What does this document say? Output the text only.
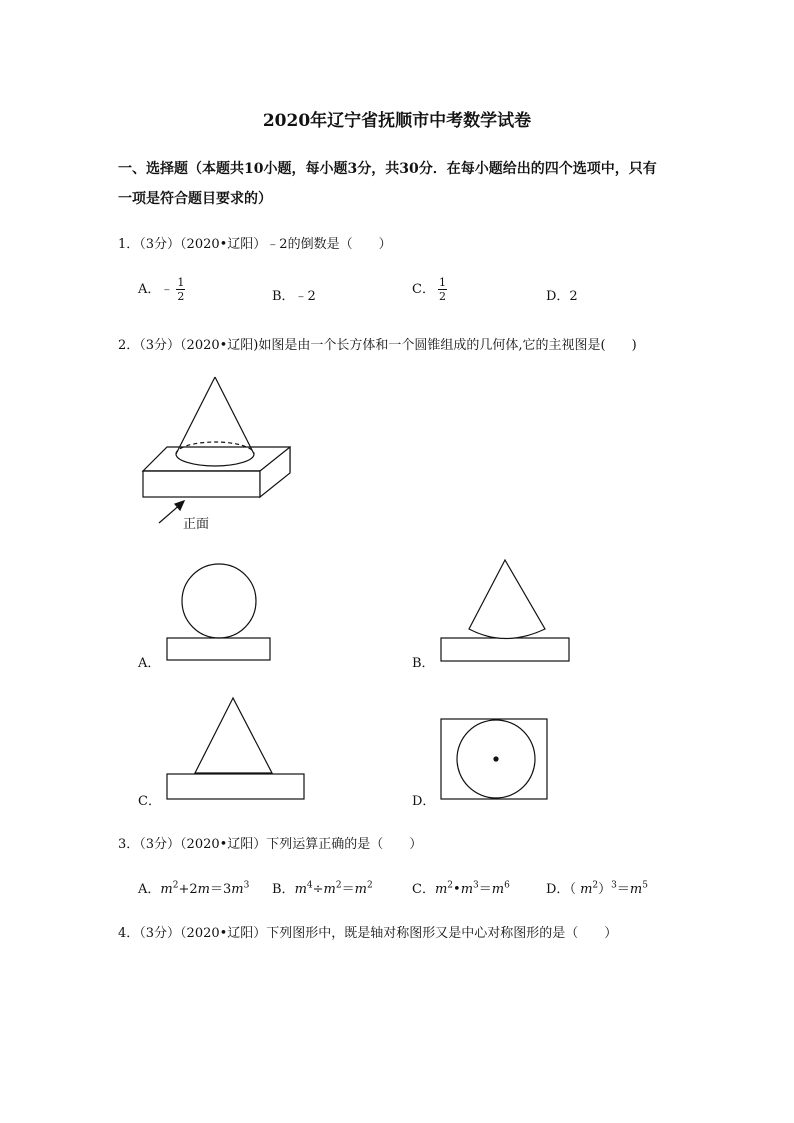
2020年辽宁省抚顺市中考数学试卷
一、选择题（本题共10小题，每小题3分，共30分．在每小题给出的四个选项中，只有
一项是符合题目要求的）
1．（3分）（2020•辽阳）﹣2的倒数是（　　）
A．﹣ $\frac{1}{2}$	B．﹣2	C． $\frac{1}{2}$	D．2
2．（3分）（2020•辽阳)如图是由一个长方体和一个圆锥组成的几何体,它的主视图是(　　)
正面
A．	B．
C．	D．
3．（3分）（2020•辽阳）下列运算正确的是（　　）
A．$m^2+2m=3m^3$ B．$m^4\div m^2=m^2$	C．$m^2•m^3=m^6$	D．（ $m^2)^3=m^5$
4．（3分）（2020•辽阳）下列图形中，既是轴对称图形又是中心对称图形的是（　　）
